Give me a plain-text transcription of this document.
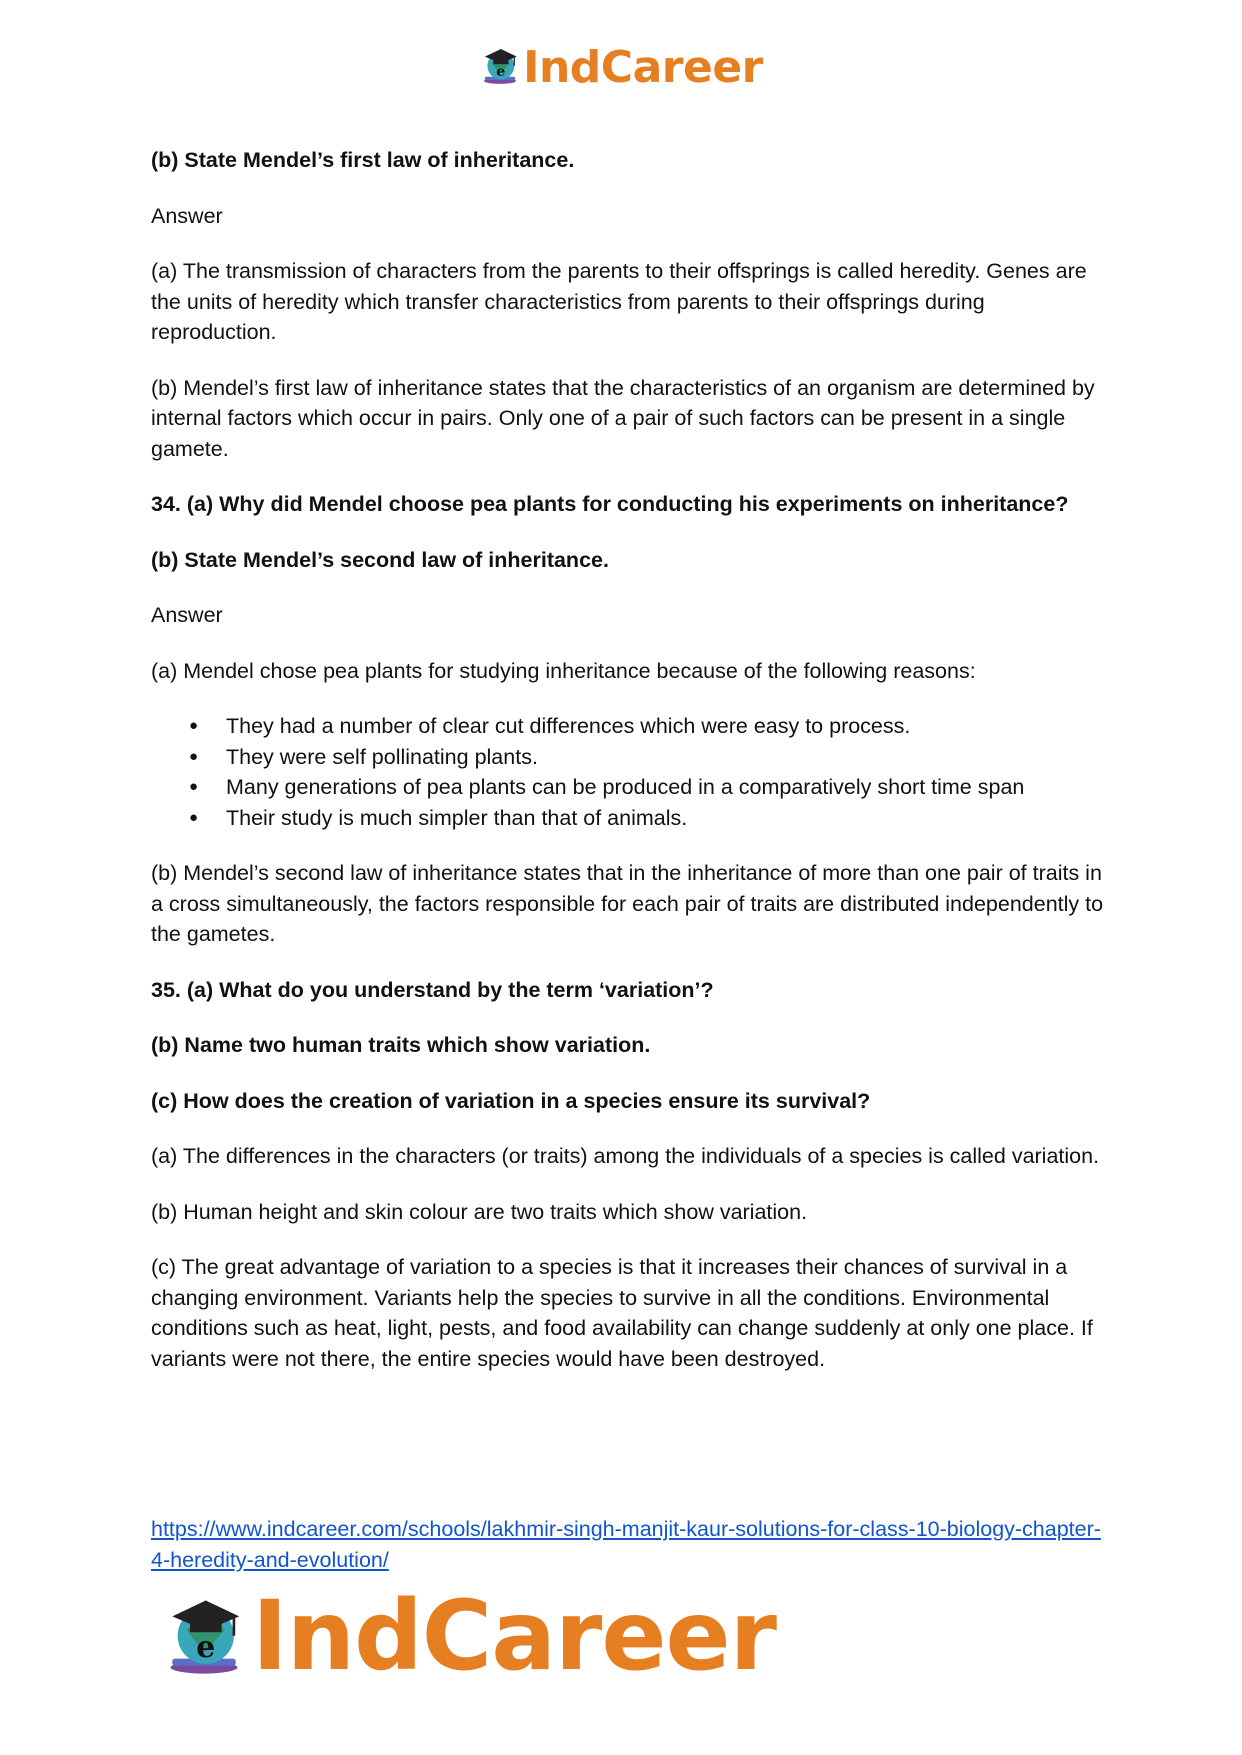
e IndCareer

(b) State Mendel’s first law of inheritance.

Answer

(a) The transmission of characters from the parents to their offsprings is called heredity. Genes are the units of heredity which transfer characteristics from parents to their offsprings during reproduction.

(b) Mendel’s first law of inheritance states that the characteristics of an organism are determined by internal factors which occur in pairs. Only one of a pair of such factors can be present in a single gamete.

34. (a) Why did Mendel choose pea plants for conducting his experiments on inheritance?

(b) State Mendel’s second law of inheritance.

Answer

(a) Mendel chose pea plants for studying inheritance because of the following reasons:

● They had a number of clear cut differences which were easy to process.
● They were self pollinating plants.
● Many generations of pea plants can be produced in a comparatively short time span
● Their study is much simpler than that of animals.

(b) Mendel’s second law of inheritance states that in the inheritance of more than one pair of traits in a cross simultaneously, the factors responsible for each pair of traits are distributed independently to the gametes.

35. (a) What do you understand by the term ‘variation’?

(b) Name two human traits which show variation.

(c) How does the creation of variation in a species ensure its survival?

(a) The differences in the characters (or traits) among the individuals of a species is called variation.

(b) Human height and skin colour are two traits which show variation.

(c) The great advantage of variation to a species is that it increases their chances of survival in a changing environment. Variants help the species to survive in all the conditions. Environmental conditions such as heat, light, pests, and food availability can change suddenly at only one place. If variants were not there, the entire species would have been destroyed.

https://www.indcareer.com/schools/lakhmir-singh-manjit-kaur-solutions-for-class-10-biology-chapter-4-heredity-and-evolution/
e IndCareer
